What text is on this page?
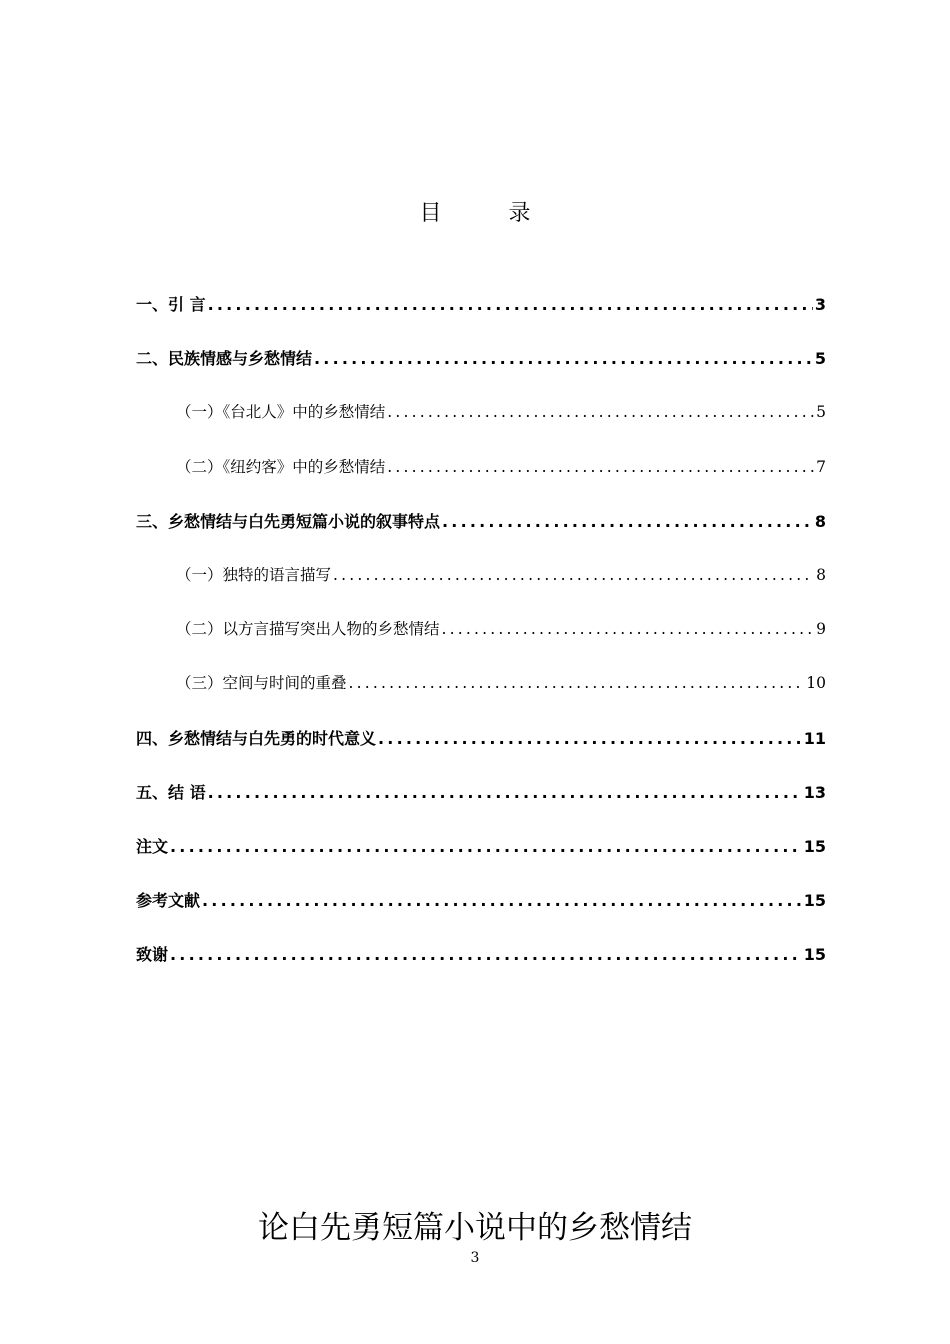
目 录
一、引 言 .....	3
二、民族情感与乡愁情结 .....	5
（一）《台北人》中的乡愁情结 .....	5
（二）《纽约客》中的乡愁情结 .....	7
三、乡愁情结与白先勇短篇小说的叙事特点 .....	8
（一）独特的语言描写 .....	8
（二）以方言描写突出人物的乡愁情结 .....	9
（三）空间与时间的重叠 .....	10
四、乡愁情结与白先勇的时代意义 .....	11
五、结 语 .....	13
注文 .....	15
参考文献 .....	15
致谢 .....	15
论白先勇短篇小说中的乡愁情结
3
